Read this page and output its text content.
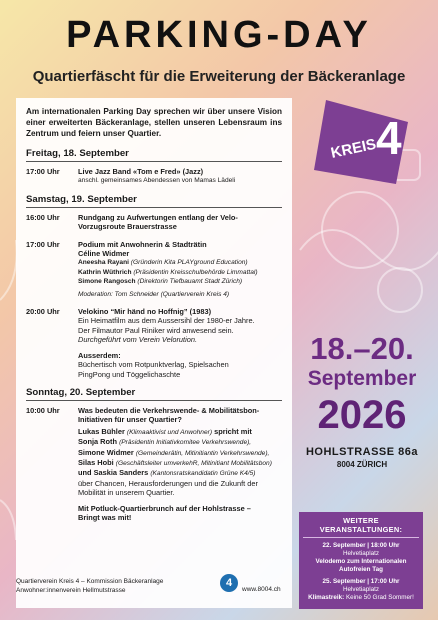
PARKING-DAY
Quartierfäscht für die Erweiterung der Bäckeranlage

Am internationalen Parking Day sprechen wir über unsere Vision einer erweiterten Bäckeranlage, stellen unseren Lebensraum ins Zentrum und feiern unser Quartier.

Freitag, 18. September
17:00 Uhr	Live Jazz Band «Tom e Fred» (Jazz)
anschl. gemeinsames Abendessen von Mamas Lädeli
Samstag, 19. September
16:00 Uhr	Rundgang zu Aufwertungen entlang der Velo-Vorzugsroute Brauerstrasse
17:00 Uhr	Podium mit Anwohnerin & Stadträtin
Céline Widmer
Aneesha Rayani (Gründerin Kita PLAYground Education)
Kathrin Wüthrich (Präsidentin Kreisschulbehörde Limmattal)
Simone Rangosch (Direktorin Tiefbauamt Stadt Zürich)
Moderation: Tom Schneider (Quartierverein Kreis 4)
20:00 Uhr	Velokino “Mir händ no Hoffnig” (1983)
Ein Heimatfilm aus dem Aussersihl der 1980-er Jahre.
Der Filmautor Paul Riniker wird anwesend sein.
Durchgeführt vom Verein Velorution.
Ausserdem:
Büchertisch vom Rotpunktverlag, Spielsachen
PingPong und Töggelichaschte
Sonntag, 20. September
10:00 Uhr	Was bedeuten die Verkehrswende- & Mobilitätsbon-Initiativen für unser Quartier?
Lukas Bühler (Klimaaktivist und Anwohner) spricht mit
Sonja Roth (Präsidentin Initiativkomitee Verkehrswende),
Simone Widmer (Gemeinderätin, Mitinitiantin Verkehrswende),
Silas Hobi (Geschäftsleiter umverkehR, Mitinitiant Mobilitätsbon)
und Saskia Sanders (Kantonsratskandidatin Grüne K4/5)
über Chancen, Herausforderungen und die Zukunft der
Mobilität in unserem Quartier.
Mit Potluck-Quartierbrunch auf der Hohlstrasse –
Bringt was mit!
Quartierverein Kreis 4 – Kommission Bäckeranlage
Anwohner:innenverein Hellmutstrasse
4
www.8004.ch
KREIS
4
18.–20.
September
2026
HOHLSTRASSE 86a
8004 ZÜRICH
WEITERE VERANSTALTUNGEN:
22. September | 18:00 Uhr
Helvetiaplatz
Velodemo zum Internationalen Autofreien Tag
25. September | 17:00 Uhr
Helvetiaplatz
Klimastreik: Keine 50 Grad Sommer!
